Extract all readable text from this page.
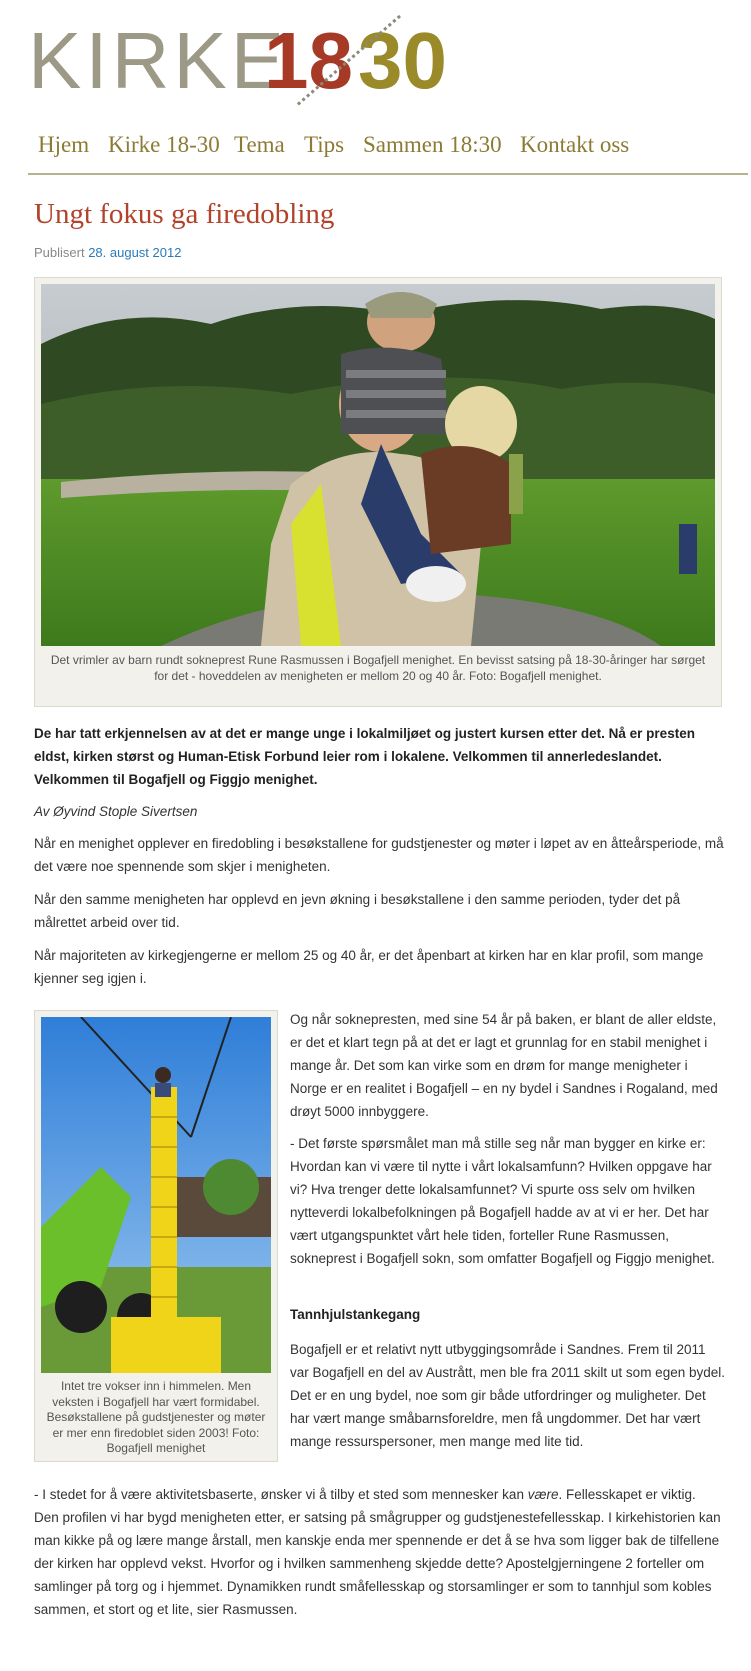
KIRKE
18 30
Hjem Kirke 18-30 Tema Tips Sammen 18:30 Kontakt oss
Ungt fokus ga firedobling
Publisert 28. august 2012
Det vrimler av barn rundt sokneprest Rune Rasmussen i Bogafjell menighet. En bevisst satsing på 18-30-åringer har sørget for det - hoveddelen av menigheten er mellom 20 og 40 år. Foto: Bogafjell menighet.
De har tatt erkjennelsen av at det er mange unge i lokalmiljøet og justert kursen etter det. Nå er presten eldst, kirken størst og Human-Etisk Forbund leier rom i lokalene. Velkommen til annerledeslandet. Velkommen til Bogafjell og Figgjo menighet.
Av Øyvind Stople Sivertsen
Når en menighet opplever en firedobling i besøkstallene for gudstjenester og møter i løpet av en åtteårsperiode, må det være noe spennende som skjer i menigheten.
Når den samme menigheten har opplevd en jevn økning i besøkstallene i den samme perioden, tyder det på målrettet arbeid over tid.
Når majoriteten av kirkegjengerne er mellom 25 og 40 år, er det åpenbart at kirken har en klar profil, som mange kjenner seg igjen i.
Intet tre vokser inn i himmelen. Men veksten i Bogafjell har vært formidabel. Besøkstallene på gudstjenester og møter er mer enn firedoblet siden 2003! Foto: Bogafjell menighet
Og når soknepresten, med sine 54 år på baken, er blant de aller eldste, er det et klart tegn på at det er lagt et grunnlag for en stabil menighet i mange år. Det som kan virke som en drøm for mange menigheter i Norge er en realitet i Bogafjell – en ny bydel i Sandnes i Rogaland, med drøyt 5000 innbyggere.
- Det første spørsmålet man må stille seg når man bygger en kirke er: Hvordan kan vi være til nytte i vårt lokalsamfunn? Hvilken oppgave har vi? Hva trenger dette lokalsamfunnet? Vi spurte oss selv om hvilken nytteverdi lokalbefolkningen på Bogafjell hadde av at vi er her. Det har vært utgangspunktet vårt hele tiden, forteller Rune Rasmussen, sokneprest i Bogafjell sokn, som omfatter Bogafjell og Figgjo menighet.
Tannhjulstankegang
Bogafjell er et relativt nytt utbyggingsområde i Sandnes. Frem til 2011 var Bogafjell en del av Austrått, men ble fra 2011 skilt ut som egen bydel. Det er en ung bydel, noe som gir både utfordringer og muligheter. Det har vært mange småbarnsforeldre, men få ungdommer. Det har vært mange ressurspersoner, men mange med lite tid.
- I stedet for å være aktivitetsbaserte, ønsker vi å tilby et sted som mennesker kan være. Fellesskapet er viktig. Den profilen vi har bygd menigheten etter, er satsing på smågrupper og gudstjenestefellesskap. I kirkehistorien kan man kikke på og lære mange årstall, men kanskje enda mer spennende er det å se hva som ligger bak de tilfellene der kirken har opplevd vekst. Hvorfor og i hvilken sammenheng skjedde dette? Apostelgjerningene 2 forteller om samlinger på torg og i hjemmet. Dynamikken rundt småfellesskap og storsamlinger er som to tannhjul som kobles sammen, et stort og et lite, sier Rasmussen.
